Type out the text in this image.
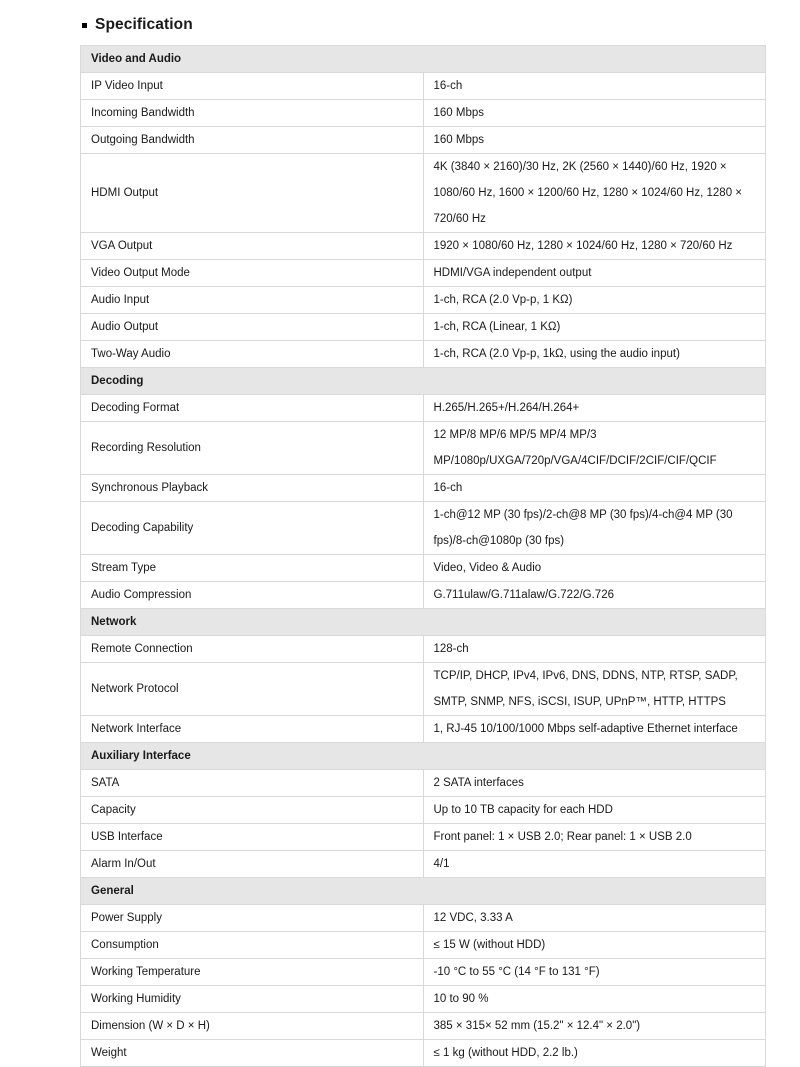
Specification
Video and Audio	
IP Video Input	16-ch
Incoming Bandwidth	160 Mbps
Outgoing Bandwidth	160 Mbps
HDMI Output	4K (3840 × 2160)/30 Hz, 2K (2560 × 1440)/60 Hz, 1920 × 1080/60 Hz, 1600 × 1200/60 Hz, 1280 × 1024/60 Hz, 1280 × 720/60 Hz
VGA Output	1920 × 1080/60 Hz, 1280 × 1024/60 Hz, 1280 × 720/60 Hz
Video Output Mode	HDMI/VGA independent output
Audio Input	1-ch, RCA (2.0 Vp-p, 1 KΩ)
Audio Output	1-ch, RCA (Linear, 1 KΩ)
Two-Way Audio	1-ch, RCA (2.0 Vp-p, 1kΩ, using the audio input)
Decoding	
Decoding Format	H.265/H.265+/H.264/H.264+
Recording Resolution	12 MP/8 MP/6 MP/5 MP/4 MP/3 MP/1080p/UXGA/720p/VGA/4CIF/DCIF/2CIF/CIF/QCIF
Synchronous Playback	16-ch
Decoding Capability	1-ch@12 MP (30 fps)/2-ch@8 MP (30 fps)/4-ch@4 MP (30 fps)/8-ch@1080p (30 fps)
Stream Type	Video, Video & Audio
Audio Compression	G.711ulaw/G.711alaw/G.722/G.726
Network	
Remote Connection	128-ch
Network Protocol	TCP/IP, DHCP, IPv4, IPv6, DNS, DDNS, NTP, RTSP, SADP, SMTP, SNMP, NFS, iSCSI, ISUP, UPnP™, HTTP, HTTPS
Network Interface	1, RJ-45 10/100/1000 Mbps self-adaptive Ethernet interface
Auxiliary Interface	
SATA	2 SATA interfaces
Capacity	Up to 10 TB capacity for each HDD
USB Interface	Front panel: 1 × USB 2.0; Rear panel: 1 × USB 2.0
Alarm In/Out	4/1
General	
Power Supply	12 VDC, 3.33 A
Consumption	≤ 15 W (without HDD)
Working Temperature	-10 °C to 55 °C (14 °F to 131 °F)
Working Humidity	10 to 90 %
Dimension (W × D × H)	385 × 315× 52 mm (15.2" × 12.4" × 2.0")
Weight	≤ 1 kg (without HDD, 2.2 lb.)
